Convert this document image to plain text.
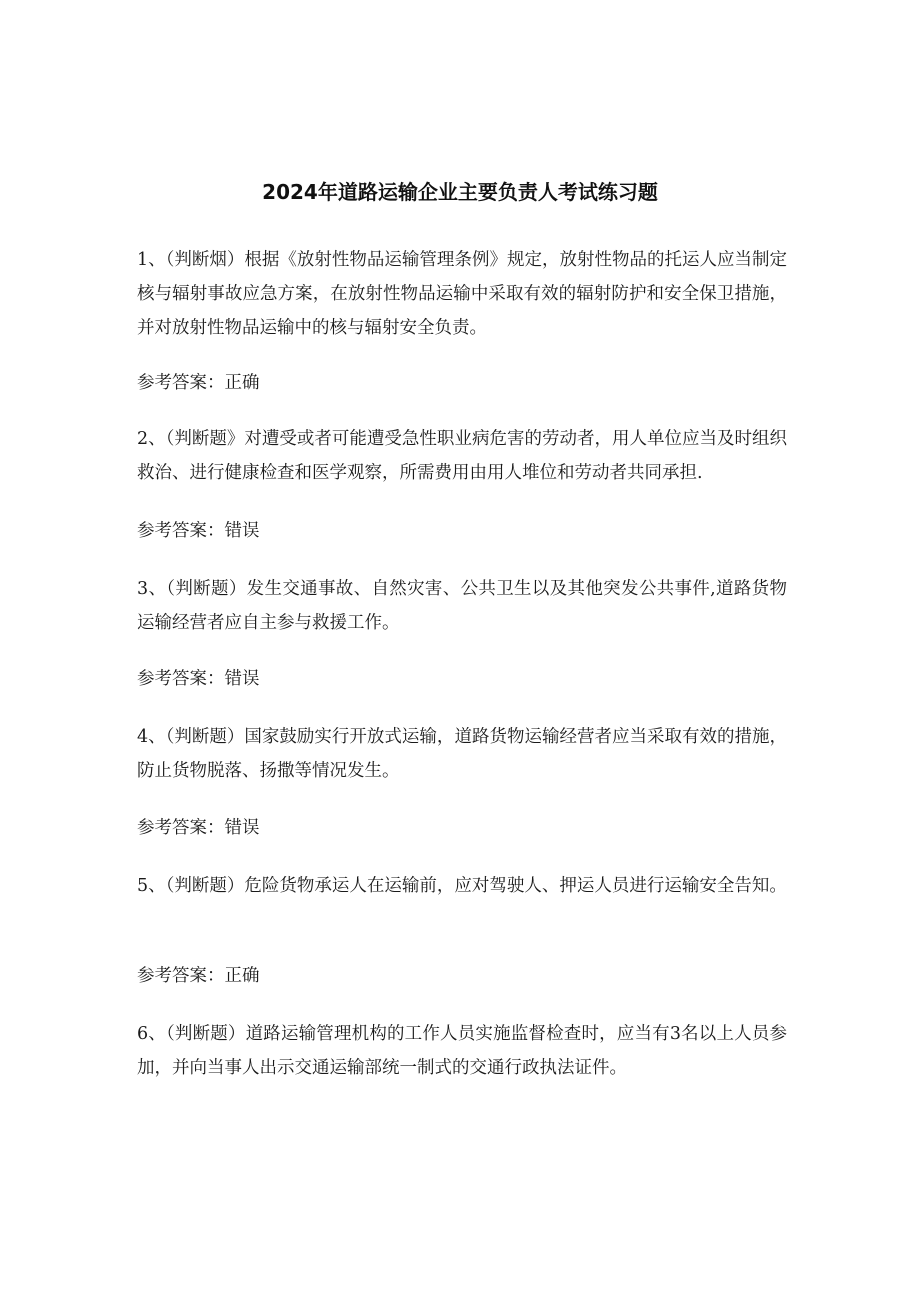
2024年道路运输企业主要负责人考试练习题
1、（判断烟）根据《放射性物品运输管理条例》规定，放射性物品的托运人应当制定核与辐射事故应急方案，在放射性物品运输中采取有效的辐射防护和安全保卫措施，并对放射性物品运输中的核与辐射安全负责。
参考答案：正确
2、（判断题》对遭受或者可能遭受急性职业病危害的劳动者，用人单位应当及时组织救治、进行健康检查和医学观察，所需费用由用人堆位和劳动者共同承担.
参考答案：错误
3、（判断题）发生交通事故、自然灾害、公共卫生以及其他突发公共事件,道路货物运输经营者应自主参与救援工作。
参考答案：错误
4、（判断题）国家鼓励实行开放式运输，道路货物运输经营者应当采取有效的措施，防止货物脱落、扬撒等情况发生。
参考答案：错误
5、（判断题）危险货物承运人在运输前，应对驾驶人、押运人员进行运输安全告知。
参考答案：正确
6、（判断题）道路运输管理机构的工作人员实施监督检查时，应当有3名以上人员参加，并向当事人出示交通运输部统一制式的交通行政执法证件。
